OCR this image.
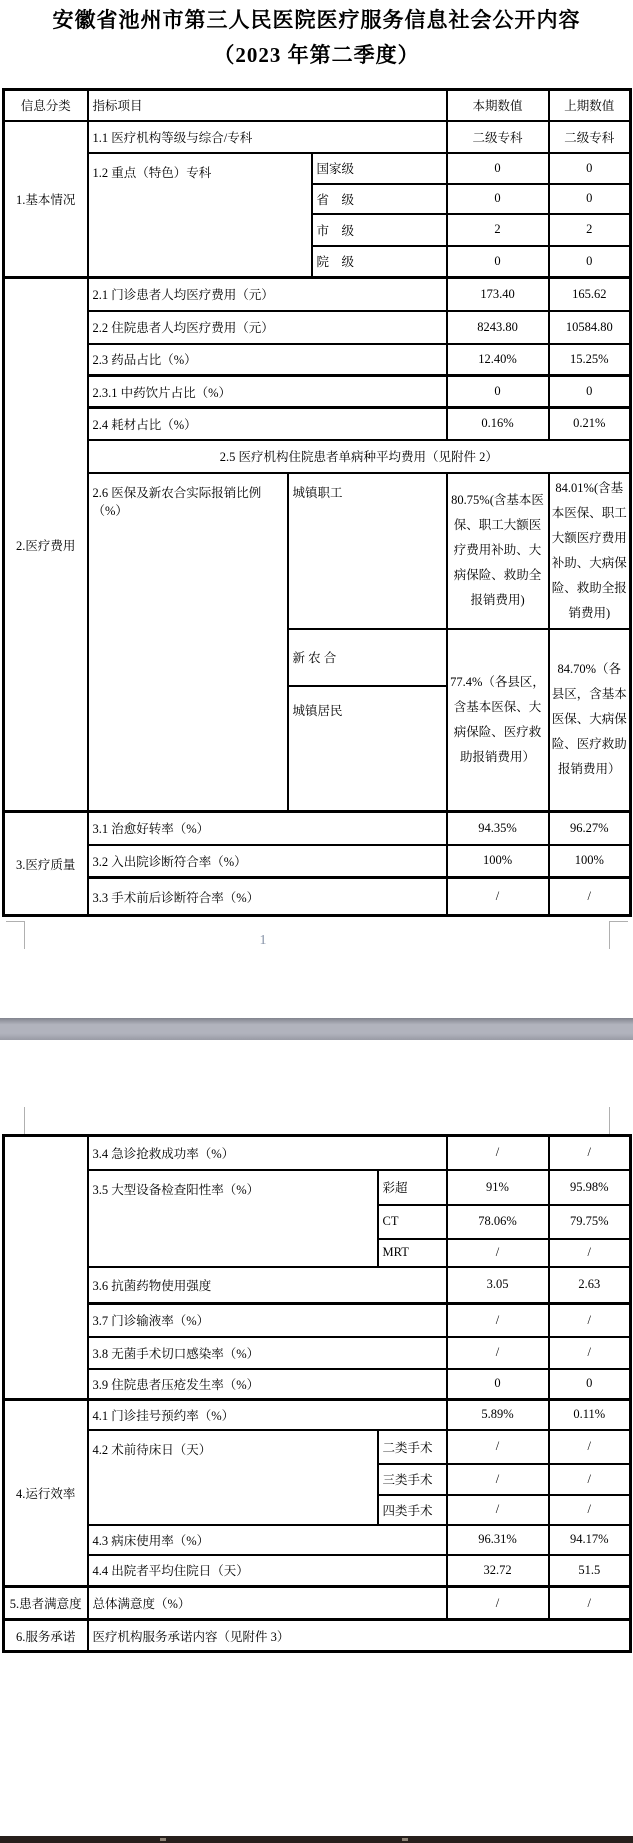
安徽省池州市第三人民医院医疗服务信息社会公开内容
（2023 年第二季度）
信息分类	指标项目			本期数值	上期数值
1.基本情况	1.1 医疗机构等级与综合/专科			二级专科	二级专科
	1.2 重点（特色）专科		国家级	0	0
			省　级	0	0
			市　级	2	2
			院　级	0	0
2.医疗费用	2.1 门诊患者人均医疗费用（元）			173.40	165.62
	2.2 住院患者人均医疗费用（元）			8243.80	10584.80
	2.3 药品占比（%）			12.40%	15.25%
	2.3.1 中药饮片占比（%）			0	0
	2.4 耗材占比（%）			0.16%	0.21%
	2.5 医疗机构住院患者单病种平均费用（见附件 2）				
	2.6 医保及新农合实际报销比例（%）	城镇职工		80.75%(含基本医保、职工大额医疗费用补助、大病保险、救助全报销费用)	84.01%(含基本医保、职工大额医疗费用补助、大病保险、救助全报销费用)
		新 农 合		77.4%（各县区，含基本医保、大病保险、医疗救助报销费用）	84.70%（各县区，含基本医保、大病保险、医疗救助报销费用）
		城镇居民			
3.医疗质量	3.1 治愈好转率（%）			94.35%	96.27%
	3.2 入出院诊断符合率（%）			100%	100%
	3.3 手术前后诊断符合率（%）			/	/
1
	3.4 急诊抢救成功率（%）		/	/
	3.5 大型设备检查阳性率（%）	彩超	91%	95.98%
		CT	78.06%	79.75%
		MRT	/	/
	3.6 抗菌药物使用强度		3.05	2.63
	3.7 门诊输液率（%）		/	/
	3.8 无菌手术切口感染率（%）		/	/
	3.9 住院患者压疮发生率（%）		0	0
4.运行效率	4.1 门诊挂号预约率（%）		5.89%	0.11%
	4.2 术前待床日（天）	二类手术	/	/
		三类手术	/	/
		四类手术	/	/
	4.3 病床使用率（%）		96.31%	94.17%
	4.4 出院者平均住院日（天）		32.72	51.5
5.患者满意度	总体满意度（%）		/	/
6.服务承诺	医疗机构服务承诺内容（见附件 3）			
